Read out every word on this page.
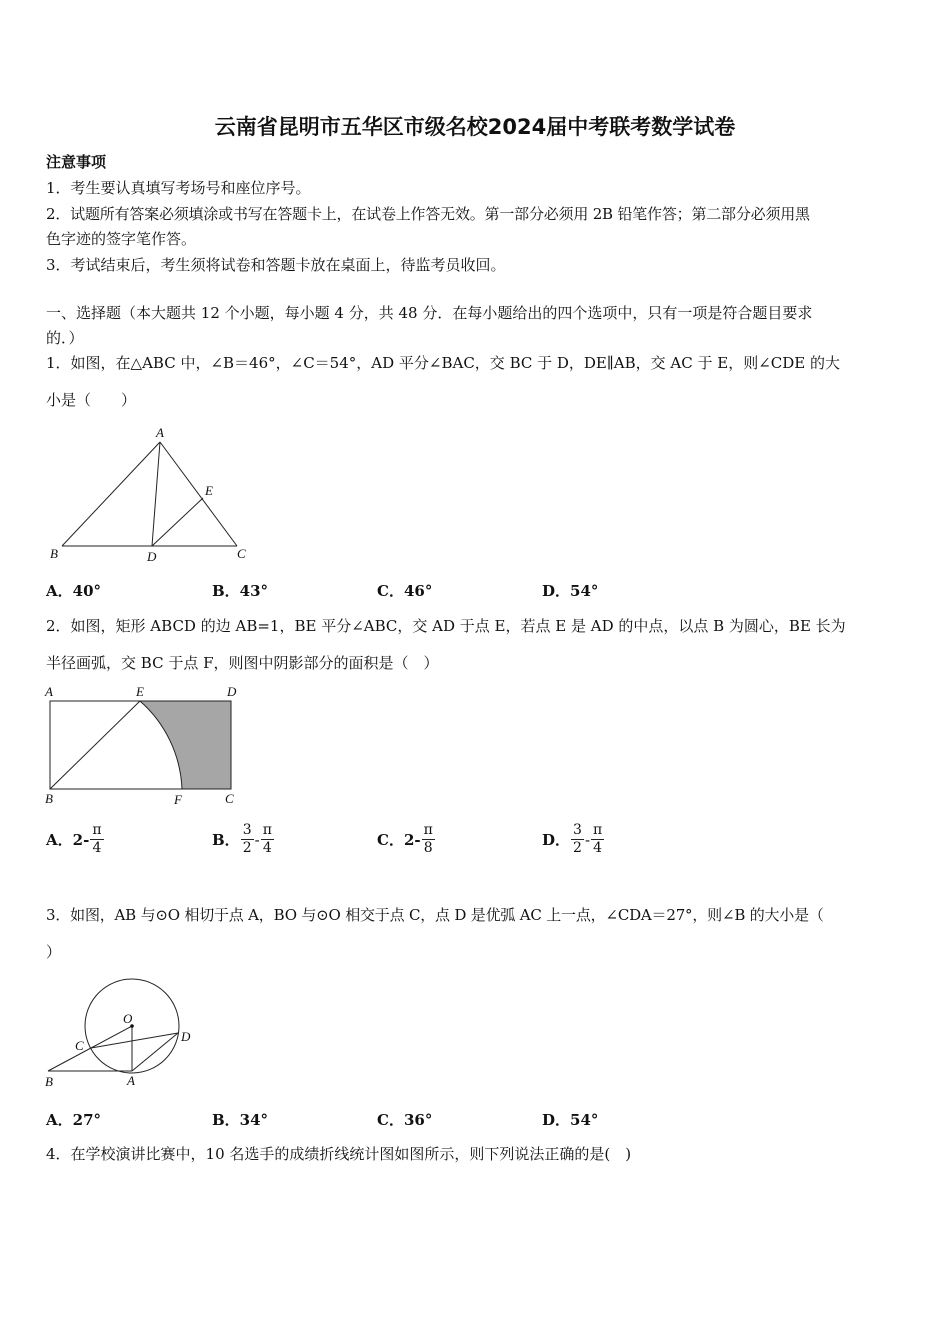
云南省昆明市五华区市级名校2024届中考联考数学试卷
注意事项
1．考生要认真填写考场号和座位序号。
2．试题所有答案必须填涂或书写在答题卡上，在试卷上作答无效。第一部分必须用 2B 铅笔作答；第二部分必须用黑
色字迹的签字笔作答。
3．考试结束后，考生须将试卷和答题卡放在桌面上，待监考员收回。
一、选择题（本大题共 12 个小题，每小题 4 分，共 48 分．在每小题给出的四个选项中，只有一项是符合题目要求
的．）
1．如图，在△ABC 中，∠B＝46°，∠C＝54°，AD 平分∠BAC，交 BC 于 D，DE∥AB，交 AC 于 E，则∠CDE 的大
小是（　　）
A
B	C
D
E
A．40°	B．43°	C．46°	D．54°
2．如图，矩形 ABCD 的边 AB=1，BE 平分∠ABC，交 AD 于点 E，若点 E 是 AD 的中点，以点 B 为圆心，BE 长为
半径画弧，交 BC 于点 F，则图中阴影部分的面积是（　）
A	E	D
B	F	C
A． $2- \frac{\pi}{4}$	B． $\frac{3}{2} - \frac{\pi}{4}$	C． $2- \frac{\pi}{8}$	D． $\frac{3}{2} - \frac{\pi}{4}$
3．如图，AB 与⊙O 相切于点 A，BO 与⊙O 相交于点 C，点 D 是优弧 AC 上一点，∠CDA＝27°，则∠B 的大小是（
）
O
C
D
B	A
A．27°	B．34°	C．36°	D．54°
4．在学校演讲比赛中，10 名选手的成绩折线统计图如图所示，则下列说法正确的是(　)
